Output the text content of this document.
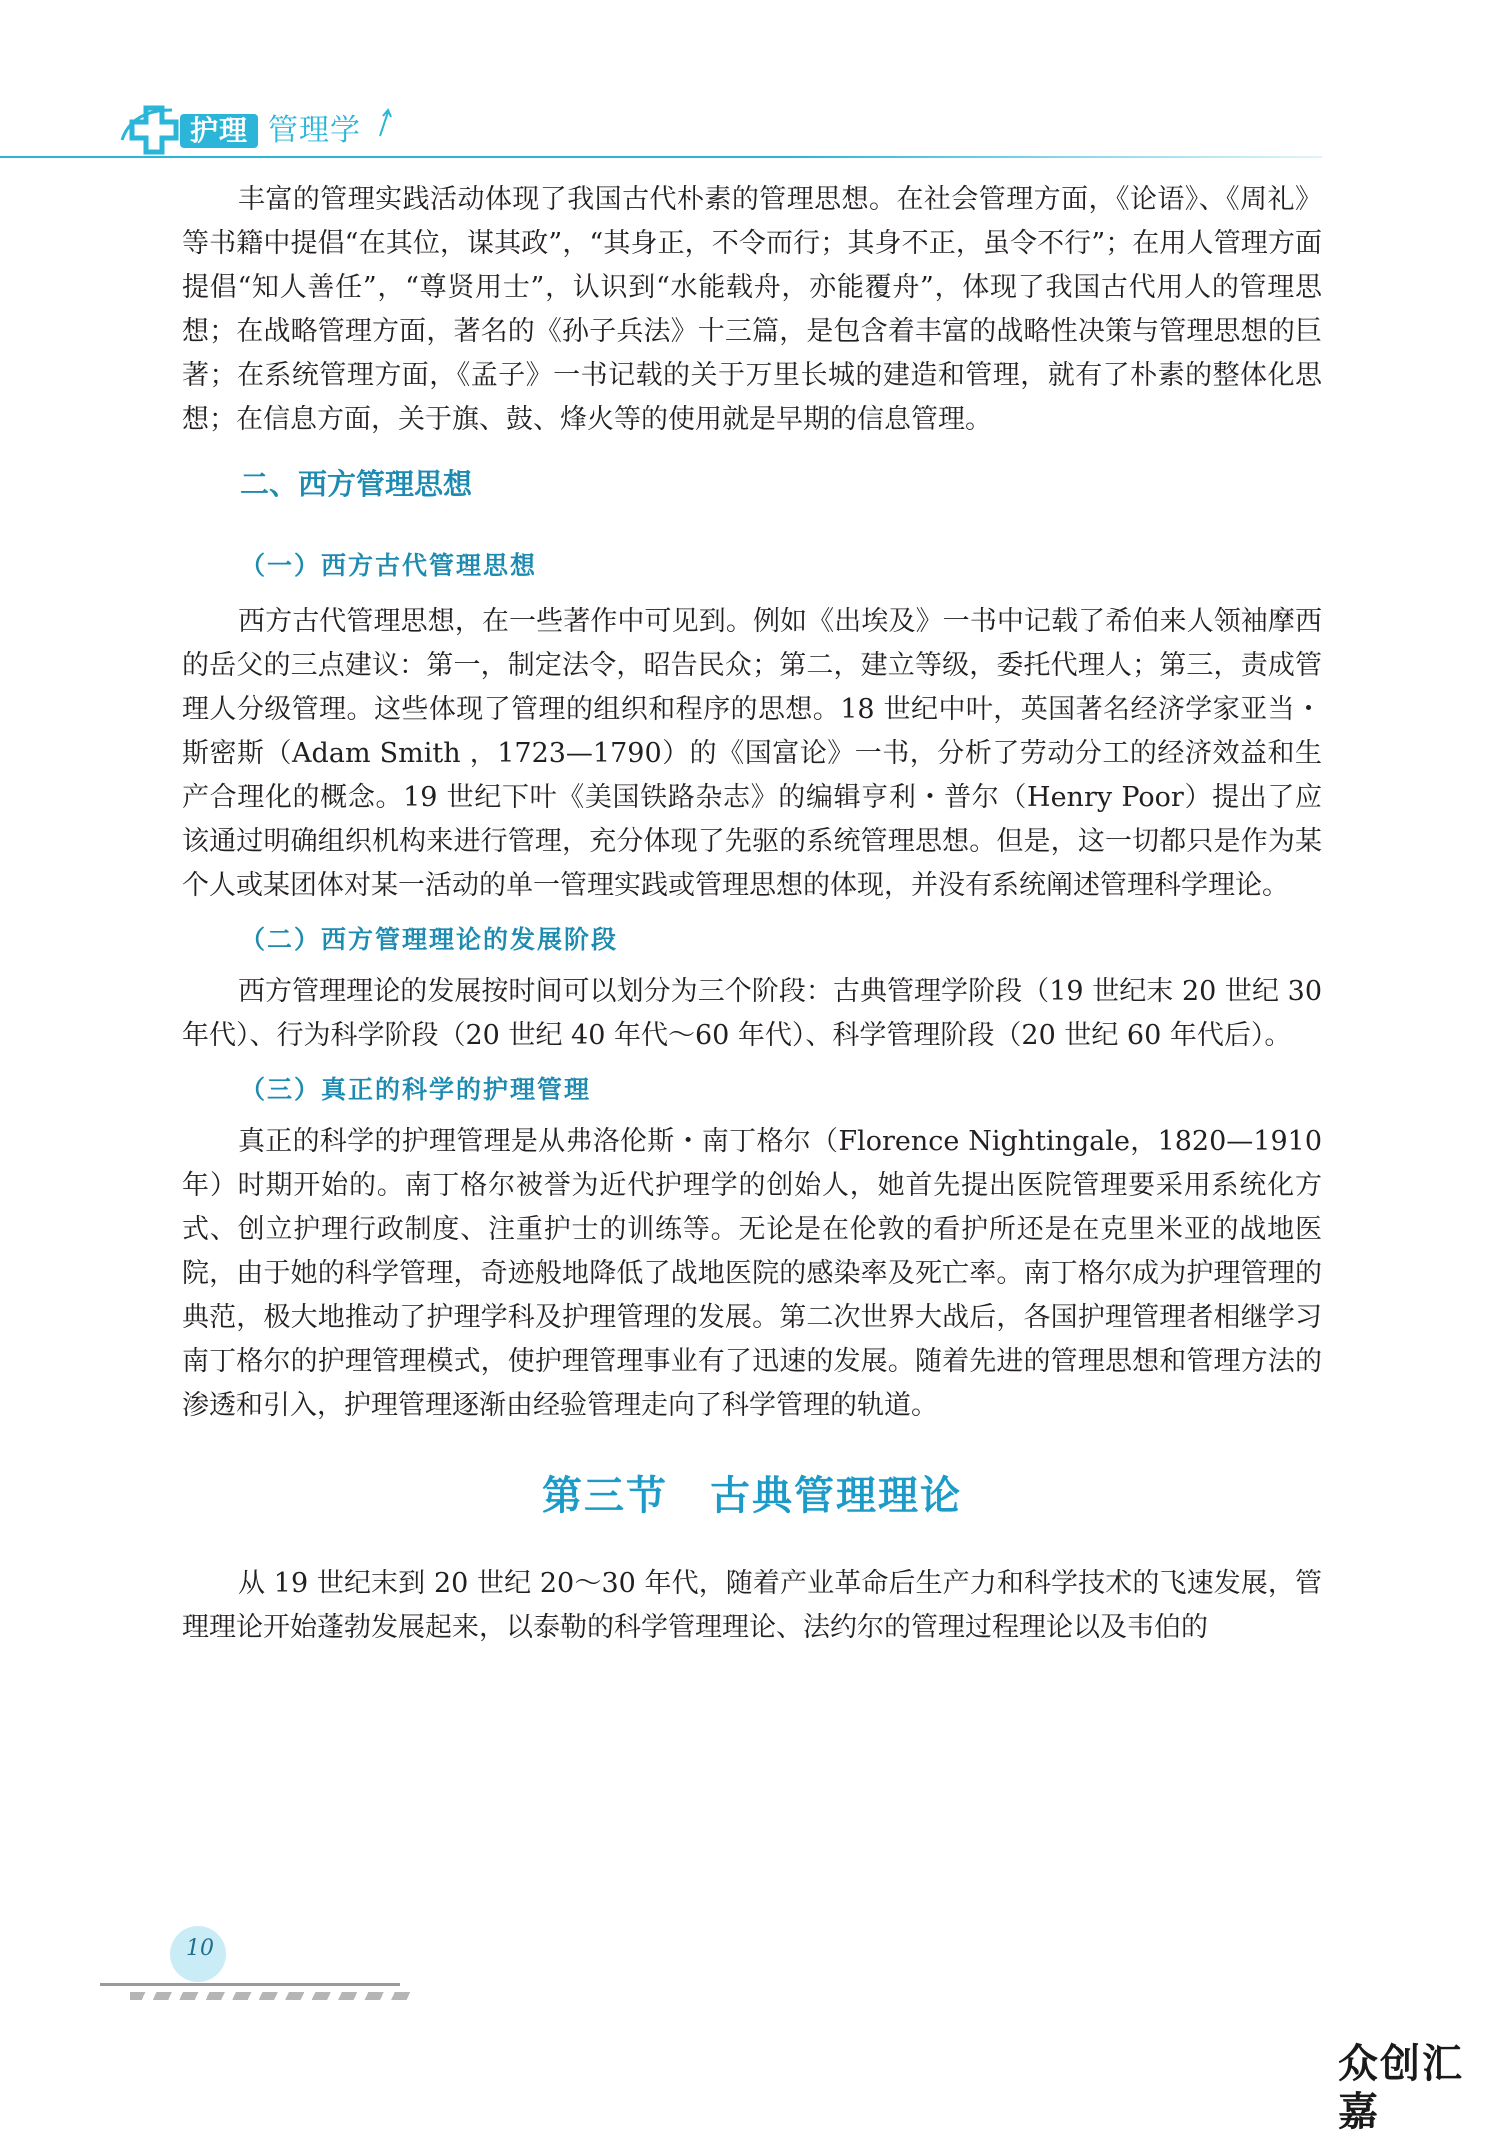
护理 管理学

丰富的管理实践活动体现了我国古代朴素的管理思想。在社会管理方面，《论语》、《周礼》等书籍中提倡“在其位，谋其政”，“其身正，不令而行；其身不正，虽令不行”；在用人管理方面提倡“知人善任”，“尊贤用士”，认识到“水能载舟，亦能覆舟”，体现了我国古代用人的管理思想；在战略管理方面，著名的《孙子兵法》十三篇，是包含着丰富的战略性决策与管理思想的巨著；在系统管理方面，《孟子》一书记载的关于万里长城的建造和管理，就有了朴素的整体化思想；在信息方面，关于旗、鼓、烽火等的使用就是早期的信息管理。

二、西方管理思想
（一）西方古代管理思想

西方古代管理思想，在一些著作中可见到。例如《出埃及》一书中记载了希伯来人领袖摩西的岳父的三点建议：第一，制定法令，昭告民众；第二，建立等级，委托代理人；第三，责成管理人分级管理。这些体现了管理的组织和程序的思想。18 世纪中叶，英国著名经济学家亚当・斯密斯（Adam Smith ，1723—1790）的《国富论》一书，分析了劳动分工的经济效益和生产合理化的概念。19 世纪下叶《美国铁路杂志》的编辑亨利・普尔（Henry Poor）提出了应该通过明确组织机构来进行管理，充分体现了先驱的系统管理思想。但是，这一切都只是作为某个人或某团体对某一活动的单一管理实践或管理思想的体现，并没有系统阐述管理科学理论。

（二）西方管理理论的发展阶段

西方管理理论的发展按时间可以划分为三个阶段：古典管理学阶段（19 世纪末 20 世纪 30 年代）、行为科学阶段（20 世纪 40 年代～60 年代）、科学管理阶段（20 世纪 60 年代后）。

（三）真正的科学的护理管理

真正的科学的护理管理是从弗洛伦斯・南丁格尔（Florence Nightingale，1820—1910 年）时期开始的。南丁格尔被誉为近代护理学的创始人，她首先提出医院管理要采用系统化方式、创立护理行政制度、注重护士的训练等。无论是在伦敦的看护所还是在克里米亚的战地医院，由于她的科学管理，奇迹般地降低了战地医院的感染率及死亡率。南丁格尔成为护理管理的典范，极大地推动了护理学科及护理管理的发展。第二次世界大战后，各国护理管理者相继学习南丁格尔的护理管理模式，使护理管理事业有了迅速的发展。随着先进的管理思想和管理方法的渗透和引入，护理管理逐渐由经验管理走向了科学管理的轨道。

第三节　古典管理理论

从 19 世纪末到 20 世纪 20～30 年代，随着产业革命后生产力和科学技术的飞速发展，管理理论开始蓬勃发展起来，以泰勒的科学管理理论、法约尔的管理过程理论以及韦伯的

10
众创汇嘉
